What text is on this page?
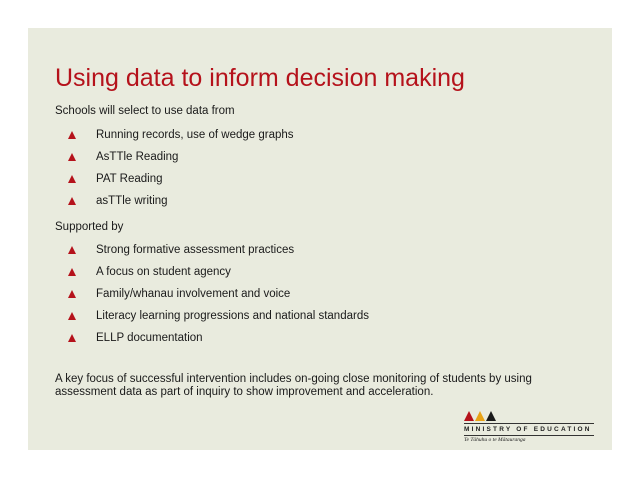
Using data to inform decision making

Schools will select to use data from

Running records, use of wedge graphs
AsTTle Reading
PAT Reading
asTTle writing

Supported by

Strong formative assessment practices
A focus on student agency
Family/whanau involvement and voice
Literacy learning progressions and national standards
ELLP documentation

A key focus of successful intervention includes on-going close monitoring of students by using assessment data as part of inquiry to show improvement and acceleration.

MINISTRY OF EDUCATION
Te Tāhuhu o te Mātauranga
